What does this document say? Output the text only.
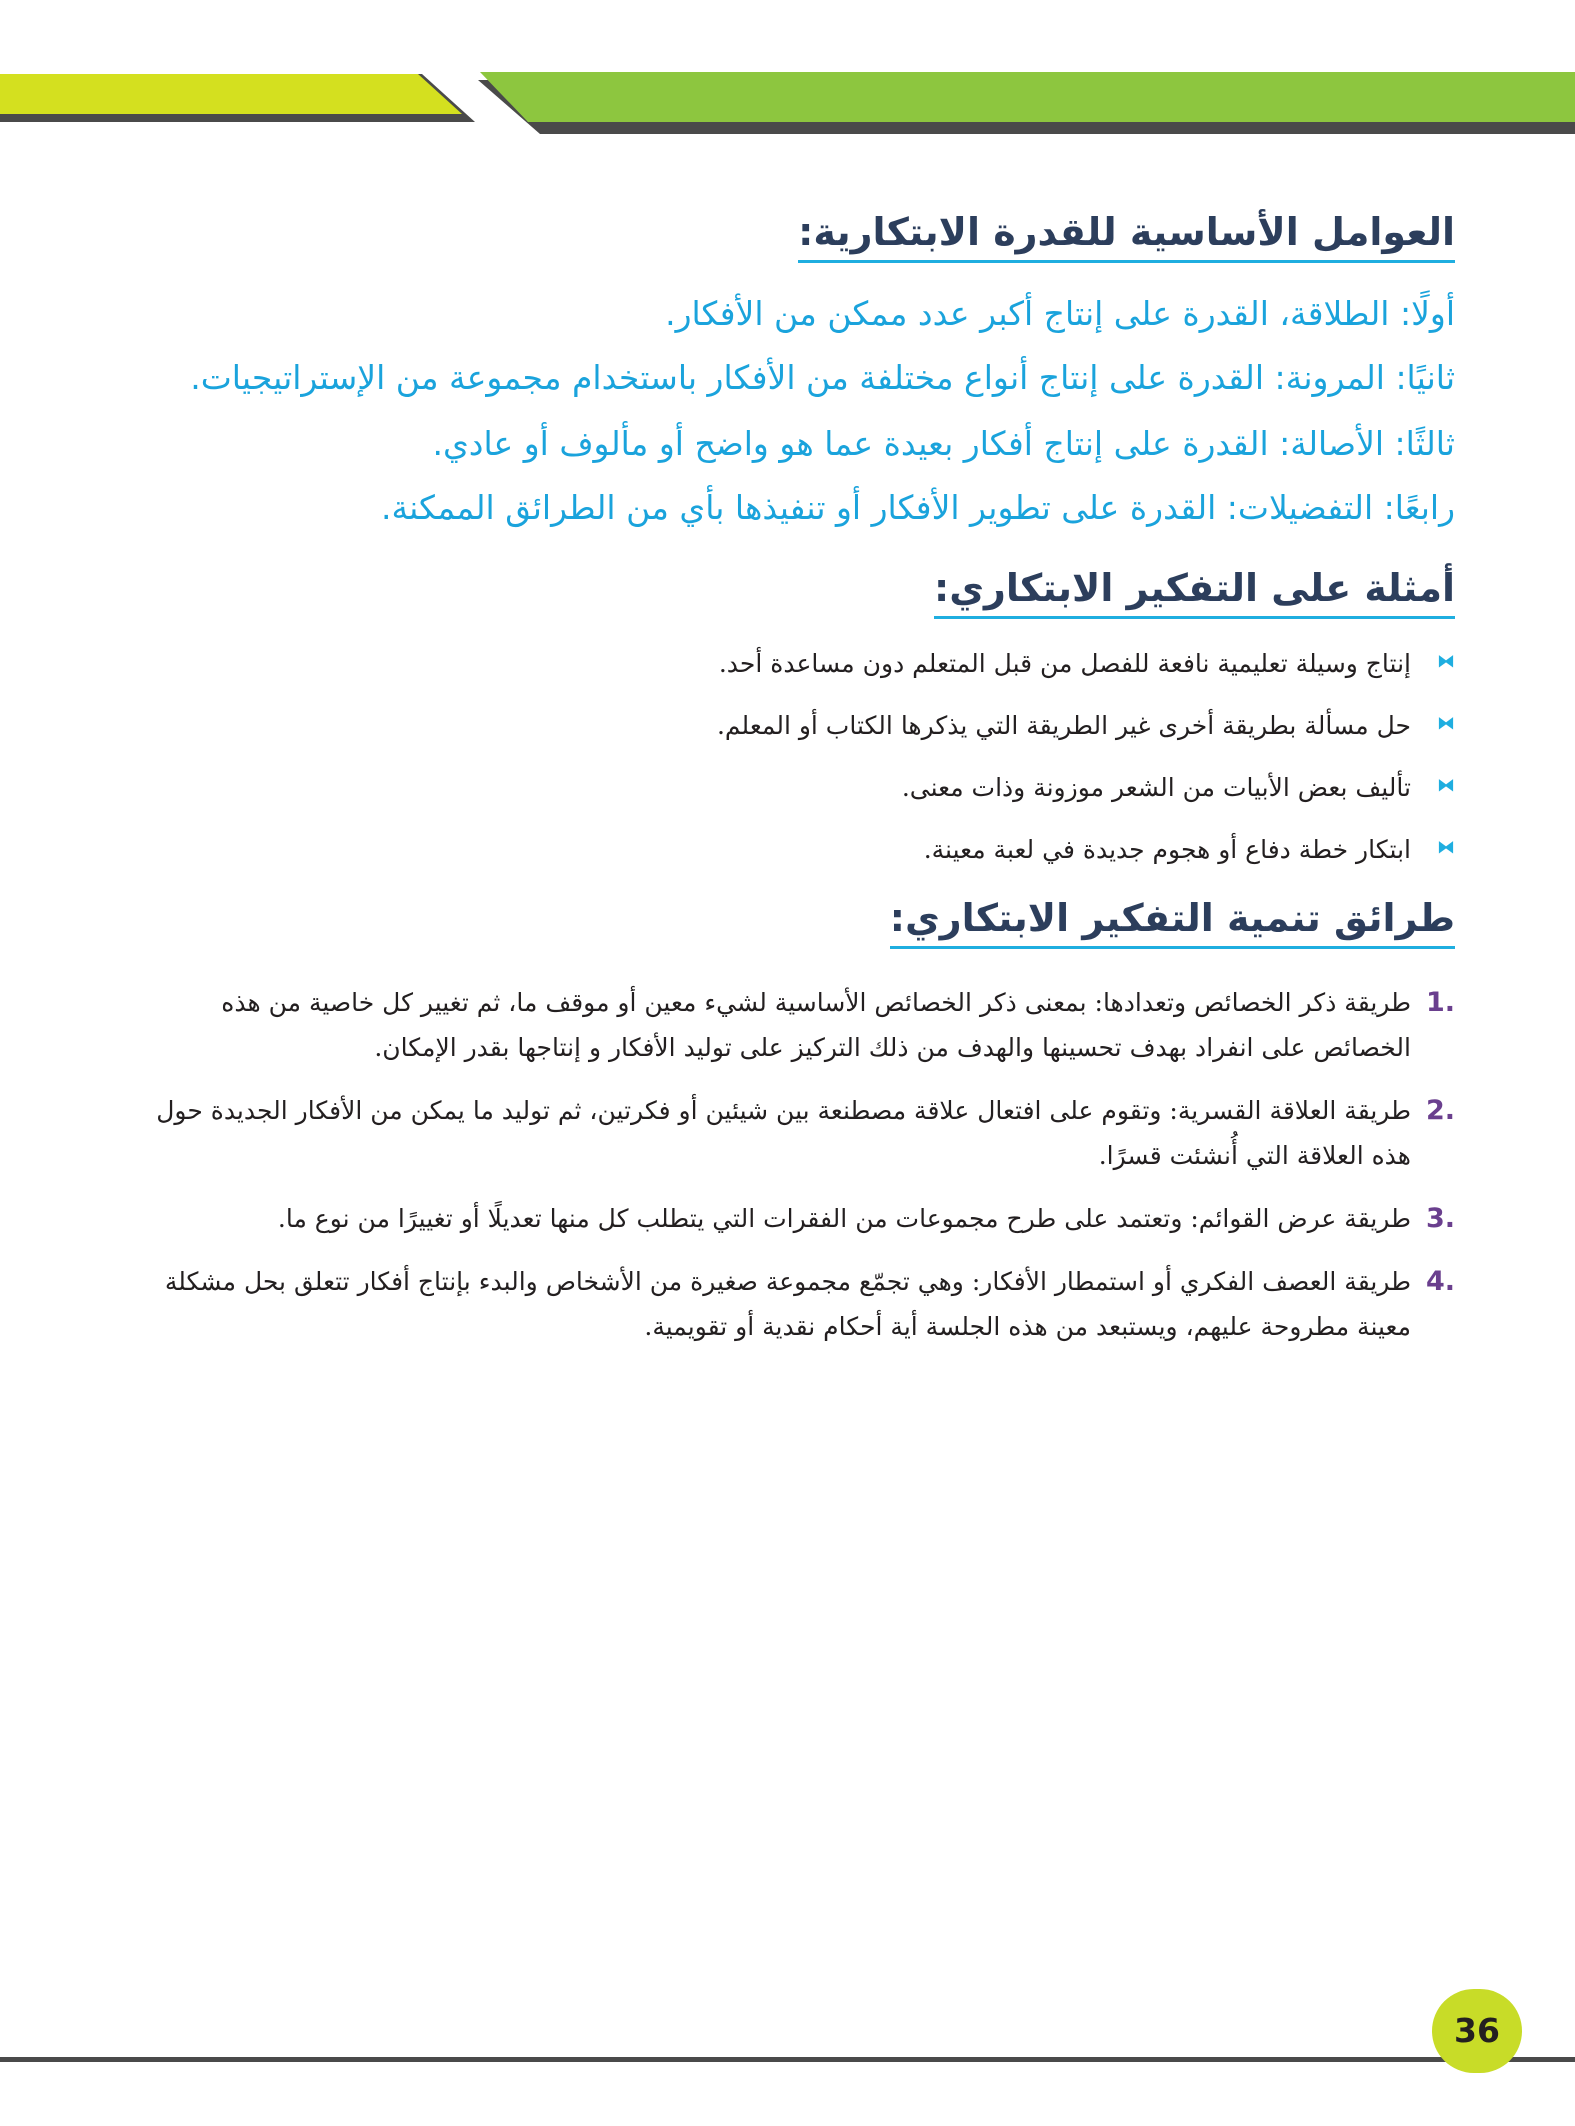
العوامل الأساسية للقدرة الابتكارية:

أولًا: الطلاقة، القدرة على إنتاج أكبر عدد ممكن من الأفكار.

ثانيًا: المرونة: القدرة على إنتاج أنواع مختلفة من الأفكار باستخدام مجموعة من الإستراتيجيات.

ثالثًا: الأصالة: القدرة على إنتاج أفكار بعيدة عما هو واضح أو مألوف أو عادي.

رابعًا: التفضيلات: القدرة على تطوير الأفكار أو تنفيذها بأي من الطرائق الممكنة.

أمثلة على التفكير الابتكاري:
⧓
إنتاج وسيلة تعليمية نافعة للفصل من قبل المتعلم دون مساعدة أحد.
⧓
حل مسألة بطريقة أخرى غير الطريقة التي يذكرها الكتاب أو المعلم.
⧓
تأليف بعض الأبيات من الشعر موزونة وذات معنى.
⧓
ابتكار خطة دفاع أو هجوم جديدة في لعبة معينة.
طرائق تنمية التفكير الابتكاري:
1.
طريقة ذكر الخصائص وتعدادها: بمعنى ذكر الخصائص الأساسية لشيء معين أو موقف ما، ثم تغيير كل خاصية من هذه الخصائص على انفراد بهدف تحسينها والهدف من ذلك التركيز على توليد الأفكار و إنتاجها بقدر الإمكان.
2.
طريقة العلاقة القسرية: وتقوم على افتعال علاقة مصطنعة بين شيئين أو فكرتين، ثم توليد ما يمكن من الأفكار الجديدة حول هذه العلاقة التي أُنشئت قسرًا.
3.
طريقة عرض القوائم: وتعتمد على طرح مجموعات من الفقرات التي يتطلب كل منها تعديلًا أو تغييرًا من نوع ما.
4.
طريقة العصف الفكري أو استمطار الأفكار: وهي تجمّع مجموعة صغيرة من الأشخاص والبدء بإنتاج أفكار تتعلق بحل مشكلة معينة مطروحة عليهم، ويستبعد من هذه الجلسة أية أحكام نقدية أو تقويمية.
36
